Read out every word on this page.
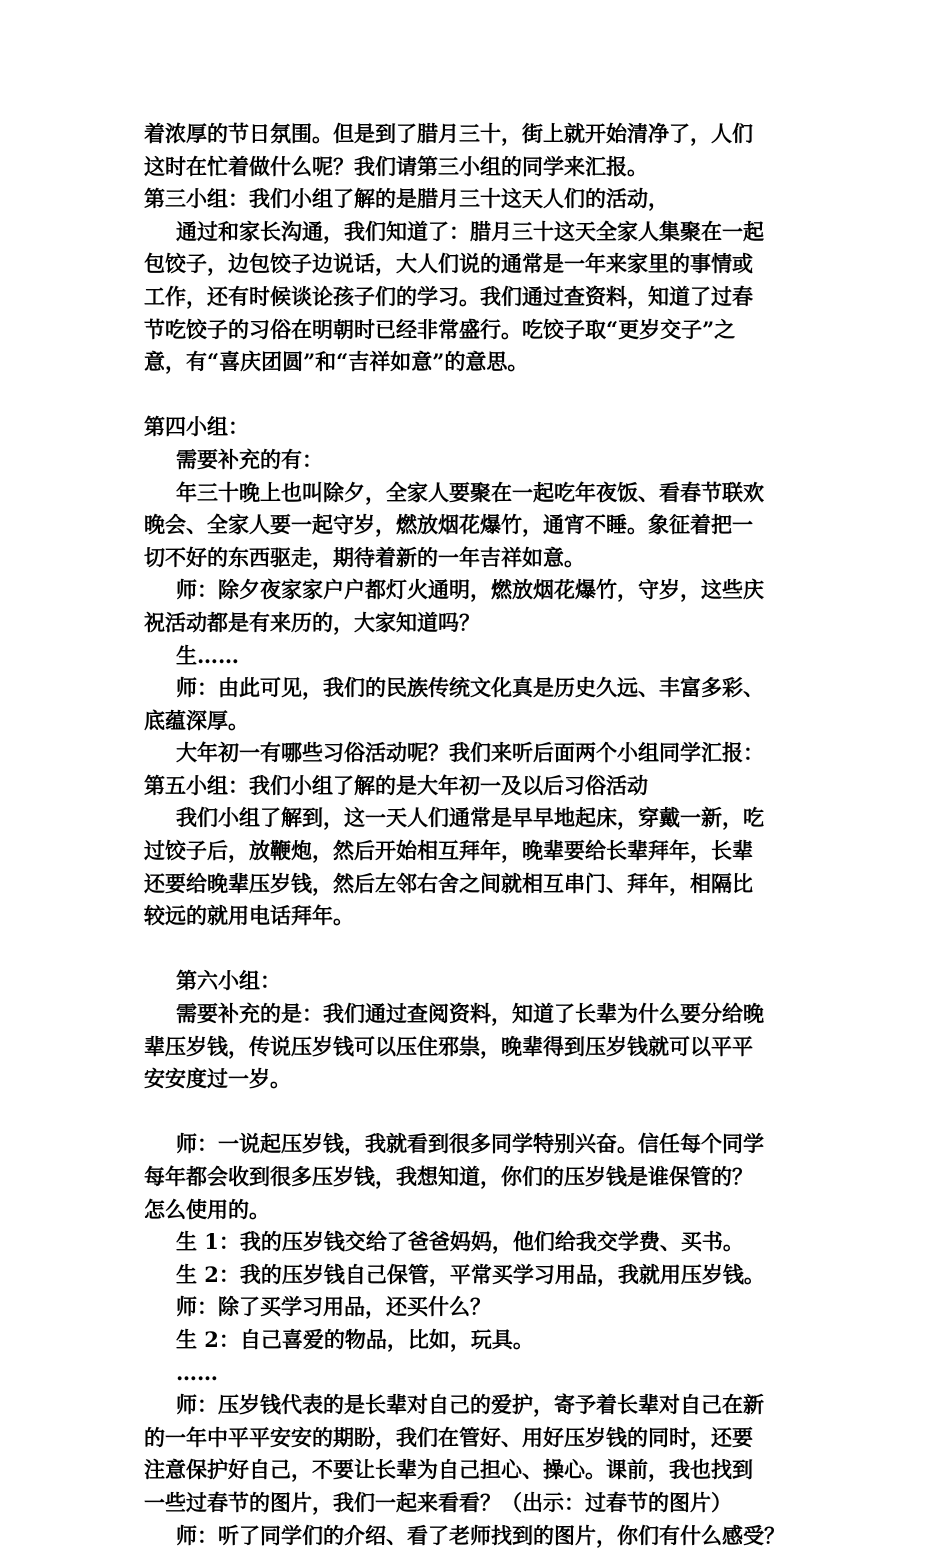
着浓厚的节日氛围。但是到了腊月三十，街上就开始清净了，人们
这时在忙着做什么呢？我们请第三小组的同学来汇报。
第三小组：我们小组了解的是腊月三十这天人们的活动，
通过和家长沟通，我们知道了：腊月三十这天全家人集聚在一起
包饺子，边包饺子边说话，大人们说的通常是一年来家里的事情或
工作，还有时候谈论孩子们的学习。我们通过查资料，知道了过春
节吃饺子的习俗在明朝时已经非常盛行。吃饺子取“更岁交子”之
意，有“喜庆团圆”和“吉祥如意”的意思。
第四小组：
需要补充的有：
年三十晚上也叫除夕，全家人要聚在一起吃年夜饭、看春节联欢
晚会、全家人要一起守岁，燃放烟花爆竹，通宵不睡。象征着把一
切不好的东西驱走，期待着新的一年吉祥如意。
师：除夕夜家家户户都灯火通明，燃放烟花爆竹，守岁，这些庆
祝活动都是有来历的，大家知道吗？
生……
师：由此可见，我们的民族传统文化真是历史久远、丰富多彩、
底蕴深厚。
大年初一有哪些习俗活动呢？我们来听后面两个小组同学汇报：
第五小组：我们小组了解的是大年初一及以后习俗活动
我们小组了解到，这一天人们通常是早早地起床，穿戴一新，吃
过饺子后，放鞭炮，然后开始相互拜年，晚辈要给长辈拜年，长辈
还要给晚辈压岁钱，然后左邻右舍之间就相互串门、拜年，相隔比
较远的就用电话拜年。
第六小组：
需要补充的是：我们通过查阅资料，知道了长辈为什么要分给晚
辈压岁钱，传说压岁钱可以压住邪祟，晚辈得到压岁钱就可以平平
安安度过一岁。
师：一说起压岁钱，我就看到很多同学特别兴奋。信任每个同学
每年都会收到很多压岁钱，我想知道，你们的压岁钱是谁保管的？
怎么使用的。
生 1：我的压岁钱交给了爸爸妈妈，他们给我交学费、买书。
生 2：我的压岁钱自己保管，平常买学习用品，我就用压岁钱。
师：除了买学习用品，还买什么？
生 2：自己喜爱的物品，比如，玩具。
……
师：压岁钱代表的是长辈对自己的爱护，寄予着长辈对自己在新
的一年中平平安安的期盼，我们在管好、用好压岁钱的同时，还要
注意保护好自己，不要让长辈为自己担心、操心。课前，我也找到
一些过春节的图片，我们一起来看看？（出示：过春节的图片）
师：听了同学们的介绍、看了老师找到的图片，你们有什么感受？
